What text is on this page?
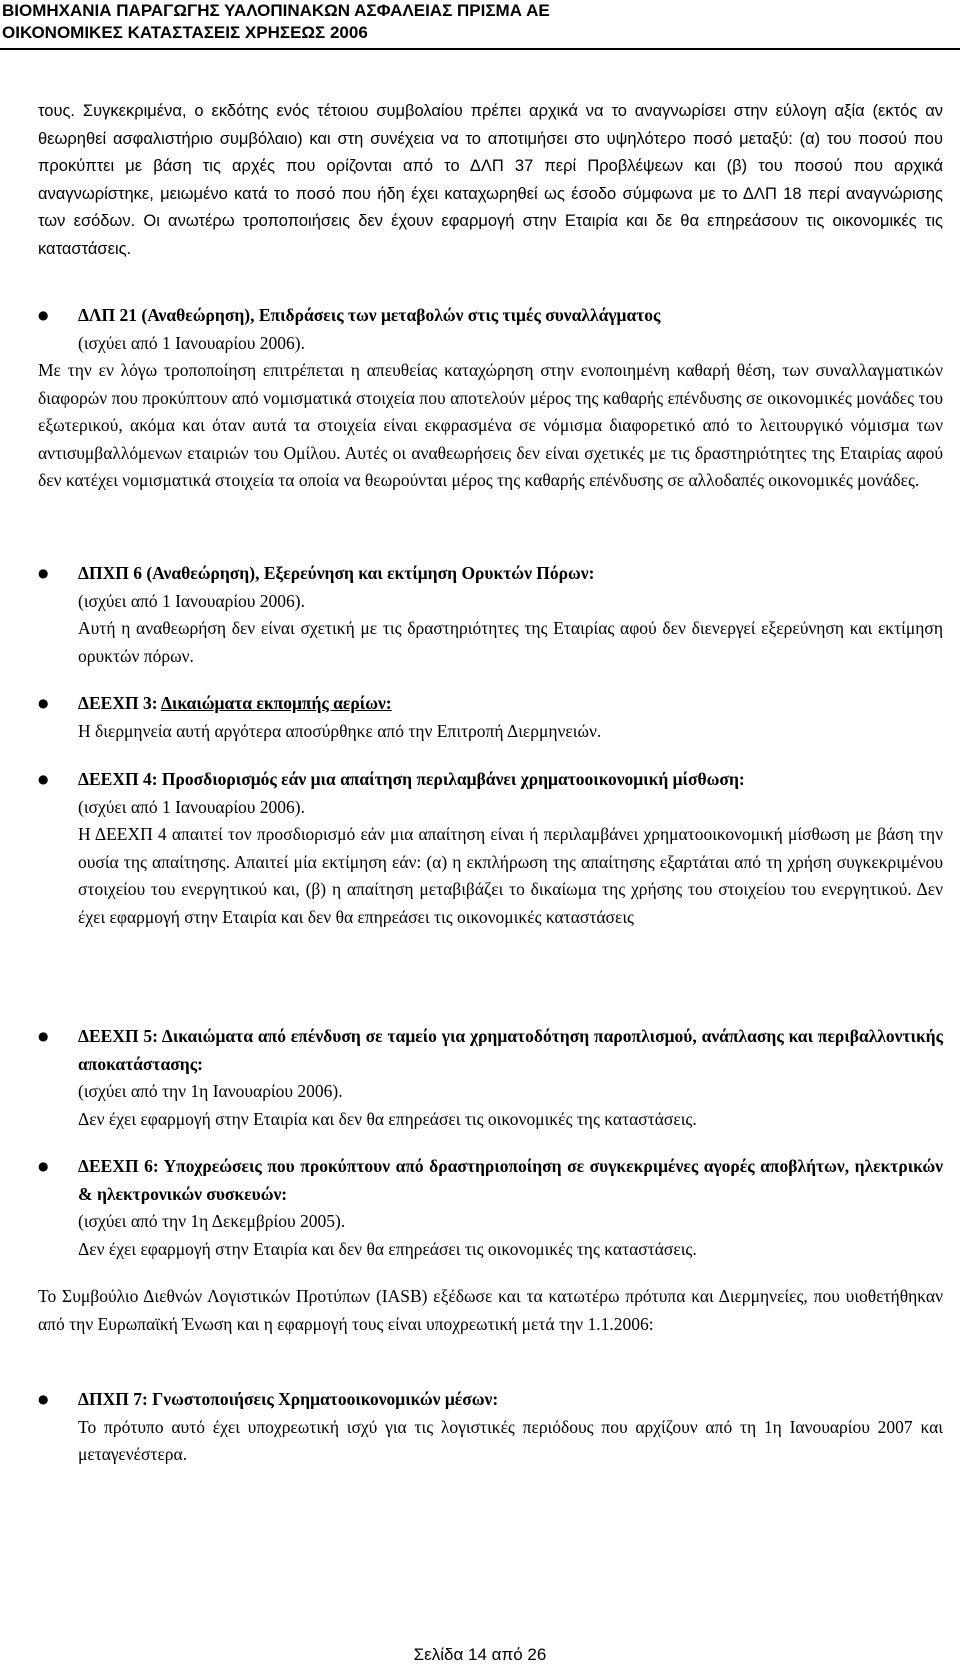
ΒΙΟΜΗΧΑΝΙΑ ΠΑΡΑΓΩΓΗΣ ΥΑΛΟΠΙΝΑΚΩΝ ΑΣΦΑΛΕΙΑΣ ΠΡΙΣΜΑ ΑΕ
ΟΙΚΟΝΟΜΙΚΕΣ ΚΑΤΑΣΤΑΣΕΙΣ ΧΡΗΣΕΩΣ 2006
τους. Συγκεκριμένα, ο εκδότης ενός τέτοιου συμβολαίου πρέπει αρχικά να το αναγνωρίσει στην εύλογη αξία (εκτός αν θεωρηθεί ασφαλιστήριο συμβόλαιο) και στη συνέχεια να το αποτιμήσει στο υψηλότερο ποσό μεταξύ: (α) του ποσού που προκύπτει με βάση τις αρχές που ορίζονται από το ΔΛΠ 37 περί Προβλέψεων και (β) του ποσού που αρχικά αναγνωρίστηκε, μειωμένο κατά το ποσό που ήδη έχει καταχωρηθεί ως έσοδο σύμφωνα με το ΔΛΠ 18 περί αναγνώρισης των εσόδων. Οι ανωτέρω τροποποιήσεις δεν έχουν εφαρμογή στην Εταιρία και δε θα επηρεάσουν τις οικονομικές τις καταστάσεις.
●	ΔΛΠ 21 (Αναθεώρηση), Επιδράσεις των μεταβολών στις τιμές συναλλάγματος
(ισχύει από 1 Ιανουαρίου 2006).
Με την εν λόγω τροποποίηση επιτρέπεται η απευθείας καταχώρηση στην ενοποιημένη καθαρή θέση, των συναλλαγματικών διαφορών που προκύπτουν από νομισματικά στοιχεία που αποτελούν μέρος της καθαρής επένδυσης σε οικονομικές μονάδες του εξωτερικού, ακόμα και όταν αυτά τα στοιχεία είναι εκφρασμένα σε νόμισμα διαφορετικό από το λειτουργικό νόμισμα των αντισυμβαλλόμενων εταιριών του Ομίλου. Αυτές οι αναθεωρήσεις δεν είναι σχετικές με τις δραστηριότητες της Εταιρίας αφού δεν κατέχει νομισματικά στοιχεία τα οποία να θεωρούνται μέρος της καθαρής επένδυσης σε αλλοδαπές οικονομικές μονάδες.
●	ΔΠΧΠ 6 (Αναθεώρηση), Εξερεύνηση και εκτίμηση Ορυκτών Πόρων:
(ισχύει από 1 Ιανουαρίου 2006).
Αυτή η αναθεωρήση δεν είναι σχετική με τις δραστηριότητες της Εταιρίας αφού δεν διενεργεί εξερεύνηση και εκτίμηση ορυκτών πόρων.
●	ΔΕΕΧΠ 3: Δικαιώματα εκπομπής αερίων:
Η διερμηνεία αυτή αργότερα αποσύρθηκε από την Επιτροπή Διερμηνειών.
●	ΔΕΕΧΠ 4: Προσδιορισμός εάν μια απαίτηση περιλαμβάνει χρηματοοικονομική μίσθωση:
(ισχύει από 1 Ιανουαρίου 2006).
Η ΔΕΕΧΠ 4 απαιτεί τον προσδιορισμό εάν μια απαίτηση είναι ή περιλαμβάνει χρηματοοικονομική μίσθωση με βάση την ουσία της απαίτησης. Απαιτεί μία εκτίμηση εάν: (α) η εκπλήρωση της απαίτησης εξαρτάται από τη χρήση συγκεκριμένου στοιχείου του ενεργητικού και, (β) η απαίτηση μεταβιβάζει το δικαίωμα της χρήσης του στοιχείου του ενεργητικού. Δεν έχει εφαρμογή στην Εταιρία και δεν θα επηρεάσει τις οικονομικές καταστάσεις
●	ΔΕΕΧΠ 5: Δικαιώματα από επένδυση σε ταμείο για χρηματοδότηση παροπλισμού, ανάπλασης και περιβαλλοντικής αποκατάστασης:
(ισχύει από την 1η Ιανουαρίου 2006).
Δεν έχει εφαρμογή στην Εταιρία και δεν θα επηρεάσει τις οικονομικές της καταστάσεις.
●	ΔΕΕΧΠ 6: Υποχρεώσεις που προκύπτουν από δραστηριοποίηση σε συγκεκριμένες αγορές αποβλήτων, ηλεκτρικών & ηλεκτρονικών συσκευών:
(ισχύει από την 1η Δεκεμβρίου 2005).
Δεν έχει εφαρμογή στην Εταιρία και δεν θα επηρεάσει τις οικονομικές της καταστάσεις.
Το Συμβούλιο Διεθνών Λογιστικών Προτύπων (IASB) εξέδωσε και τα κατωτέρω πρότυπα και Διερμηνείες, που υιοθετήθηκαν από την Ευρωπαϊκή Ένωση και η εφαρμογή τους είναι υποχρεωτική μετά την 1.1.2006:
●	ΔΠΧΠ 7: Γνωστοποιήσεις Χρηματοοικονομικών μέσων:
Το πρότυπο αυτό έχει υποχρεωτική ισχύ για τις λογιστικές περιόδους που αρχίζουν από τη 1η Ιανουαρίου 2007 και μεταγενέστερα.
Σελίδα 14 από 26
